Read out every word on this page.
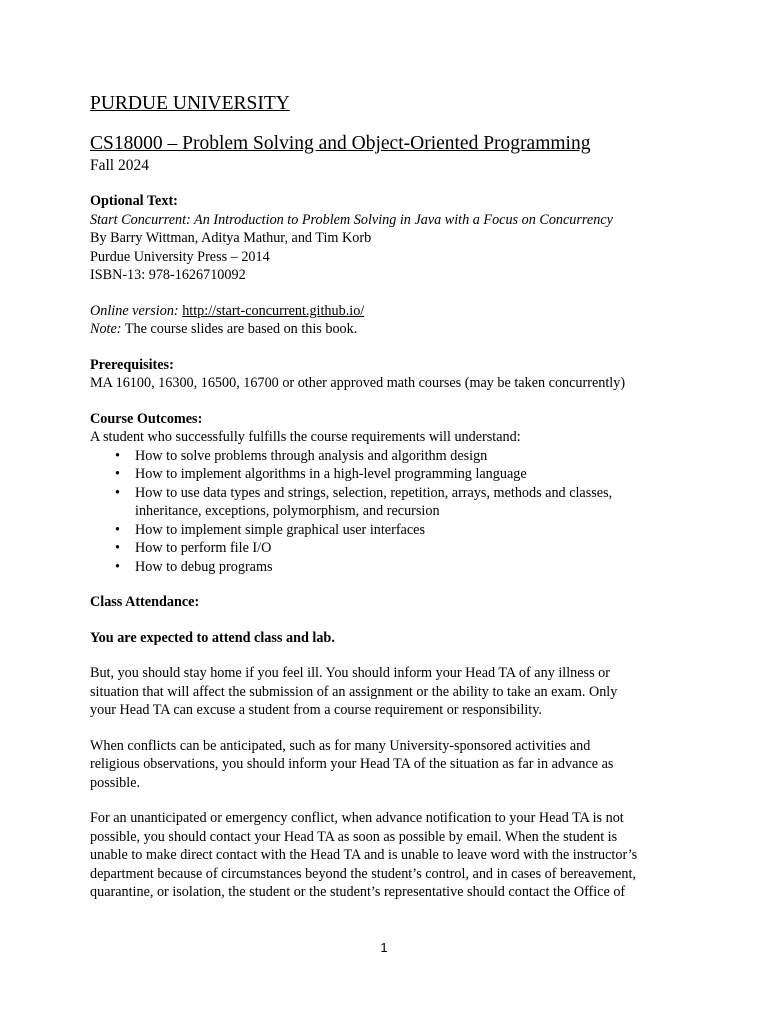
PURDUE UNIVERSITY
CS18000 – Problem Solving and Object-Oriented Programming
Fall 2024
Optional Text:
Start Concurrent: An Introduction to Problem Solving in Java with a Focus on Concurrency
By Barry Wittman, Aditya Mathur, and Tim Korb
Purdue University Press – 2014
ISBN-13: 978-1626710092
Online version: http://start-concurrent.github.io/
Note: The course slides are based on this book.
Prerequisites:
MA 16100, 16300, 16500, 16700 or other approved math courses (may be taken concurrently)
Course Outcomes:
A student who successfully fulfills the course requirements will understand:
• How to solve problems through analysis and algorithm design
• How to implement algorithms in a high-level programming language
• How to use data types and strings, selection, repetition, arrays, methods and classes,
inheritance, exceptions, polymorphism, and recursion
• How to implement simple graphical user interfaces
• How to perform file I/O
• How to debug programs
Class Attendance:
You are expected to attend class and lab.
But, you should stay home if you feel ill. You should inform your Head TA of any illness or
situation that will affect the submission of an assignment or the ability to take an exam. Only
your Head TA can excuse a student from a course requirement or responsibility.
When conflicts can be anticipated, such as for many University-sponsored activities and
religious observations, you should inform your Head TA of the situation as far in advance as
possible.
For an unanticipated or emergency conflict, when advance notification to your Head TA is not
possible, you should contact your Head TA as soon as possible by email. When the student is
unable to make direct contact with the Head TA and is unable to leave word with the instructor’s
department because of circumstances beyond the student’s control, and in cases of bereavement,
quarantine, or isolation, the student or the student’s representative should contact the Office of
1
